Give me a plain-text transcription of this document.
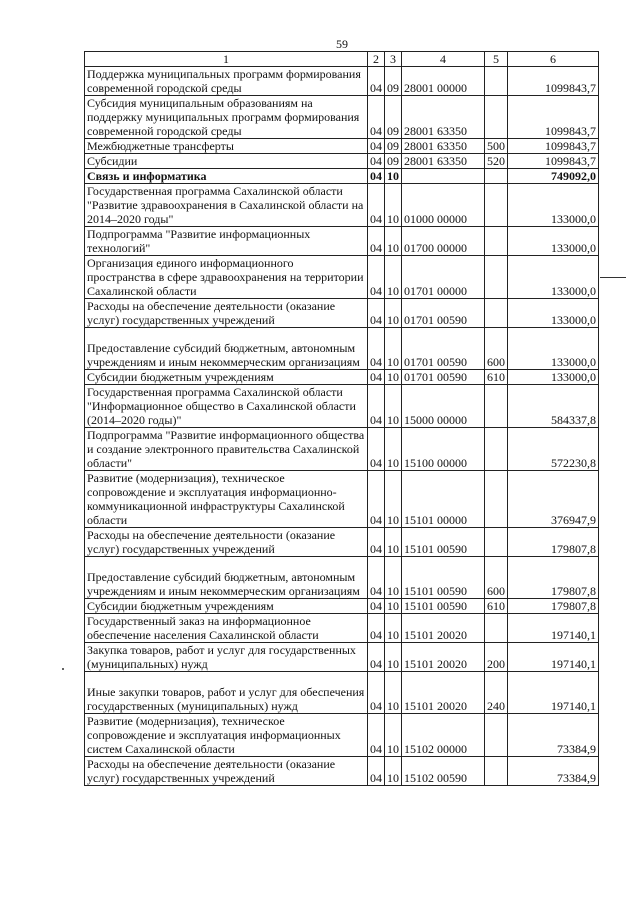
59
1	2	3	4	5	6
Поддержка муниципальных программ формирования современной городской среды	04	09	28001 00000		1099843,7
Субсидия муниципальным образованиям на поддержку муниципальных программ формирования современной городской среды	04	09	28001 63350		1099843,7
Межбюджетные трансферты	04	09	28001 63350	500	1099843,7
Субсидии	04	09	28001 63350	520	1099843,7
Связь и информатика	04	10			749092,0
Государственная программа Сахалинской области "Развитие здравоохранения в Сахалинской области на 2014–2020 годы"	04	10	01000 00000		133000,0
Подпрограмма "Развитие информационных технологий"	04	10	01700 00000		133000,0
Организация единого информационного пространства в сфере здравоохранения на территории Сахалинской области	04	10	01701 00000		133000,0
Расходы на обеспечение деятельности (оказание услуг) государственных учреждений	04	10	01701 00590		133000,0
Предоставление субсидий бюджетным, автономным учреждениям и иным некоммерческим организациям	04	10	01701 00590	600	133000,0
Субсидии бюджетным учреждениям	04	10	01701 00590	610	133000,0
Государственная программа Сахалинской области "Информационное общество в Сахалинской области (2014–2020 годы)"	04	10	15000 00000		584337,8
Подпрограмма "Развитие информационного общества и создание электронного правительства Сахалинской области"	04	10	15100 00000		572230,8
Развитие (модернизация), техническое сопровождение и эксплуатация информационно-коммуникационной инфраструктуры Сахалинской области	04	10	15101 00000		376947,9
Расходы на обеспечение деятельности (оказание услуг) государственных учреждений	04	10	15101 00590		179807,8
Предоставление субсидий бюджетным, автономным учреждениям и иным некоммерческим организациям	04	10	15101 00590	600	179807,8
Субсидии бюджетным учреждениям	04	10	15101 00590	610	179807,8
Государственный заказ на информационное обеспечение населения Сахалинской области	04	10	15101 20020		197140,1
Закупка товаров, работ и услуг для государственных (муниципальных) нужд	04	10	15101 20020	200	197140,1
Иные закупки товаров, работ и услуг для обеспечения государственных (муниципальных) нужд	04	10	15101 20020	240	197140,1
Развитие (модернизация), техническое сопровождение и эксплуатация информационных систем Сахалинской области	04	10	15102 00000		73384,9
Расходы на обеспечение деятельности (оказание услуг) государственных учреждений	04	10	15102 00590		73384,9
